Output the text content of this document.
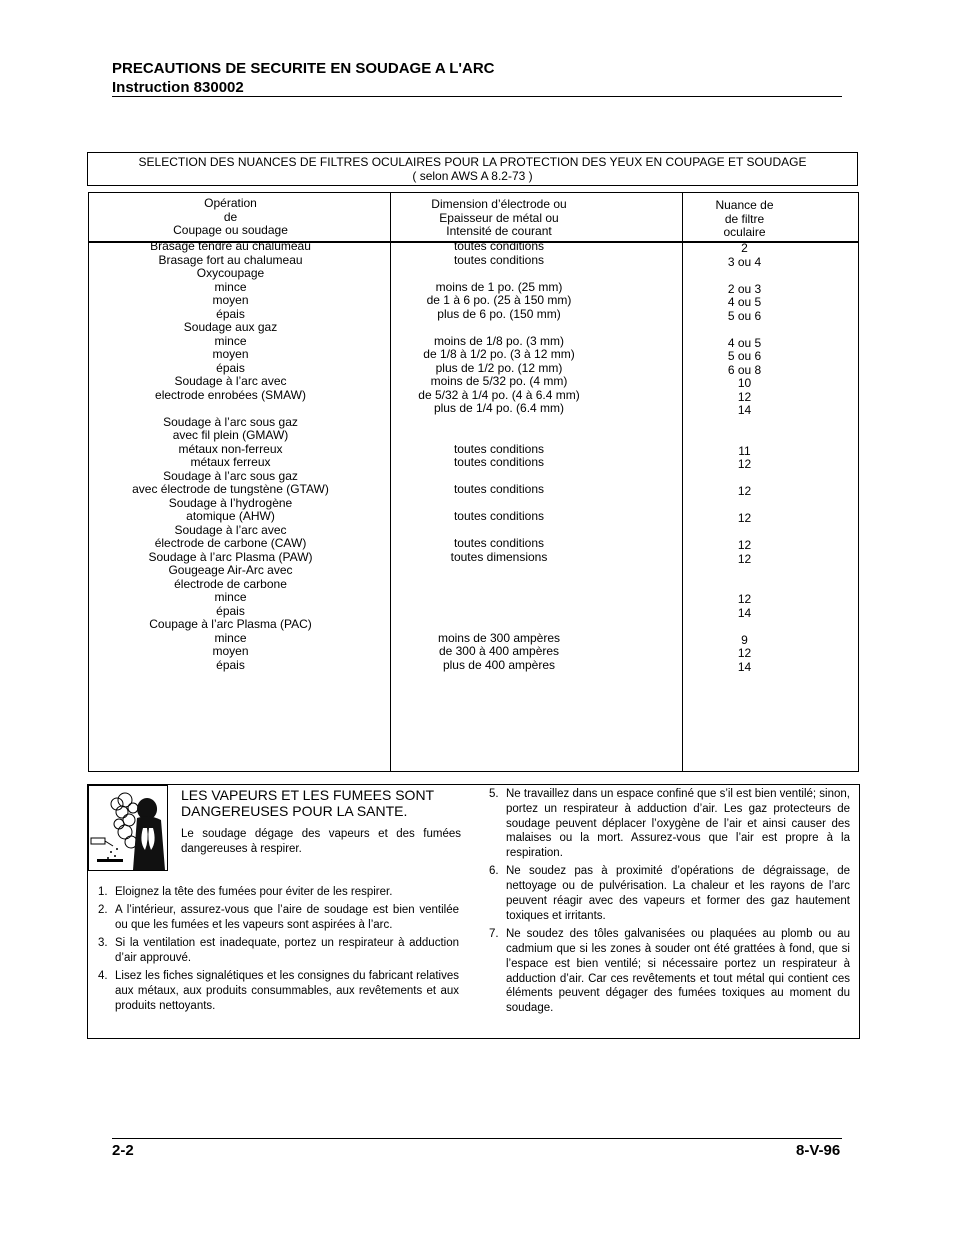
PRECAUTIONS DE SECURITE EN SOUDAGE A L'ARC
Instruction 830002
SELECTION DES NUANCES DE FILTRES OCULAIRES POUR LA PROTECTION DES YEUX EN COUPAGE ET SOUDAGE
( selon AWS A 8.2-73 )
Opération
de
Coupage ou soudage
Dimension d’électrode ou
Epaisseur de métal ou
Intensité de courant
Nuance de
de filtre
oculaire
Brasage tendre au chalumeau
Brasage fort au chalumeau
Oxycoupage
mince
moyen
épais
Soudage aux gaz
mince
moyen
épais
Soudage à l’arc avec
electrode enrobées (SMAW)
Soudage à l’arc sous gaz
avec fil plein (GMAW)
métaux non-ferreux
métaux ferreux
Soudage à l’arc sous gaz
avec électrode de tungstène (GTAW)
Soudage à l’hydrogène
atomique (AHW)
Soudage à l’arc avec
électrode de carbone (CAW)
Soudage à l’arc Plasma (PAW)
Gougeage Air-Arc avec
électrode de carbone
mince
épais
Coupage à l’arc Plasma (PAC)
mince
moyen
épais
toutes conditions
toutes conditions
moins de 1 po. (25 mm)
de 1 à 6 po. (25 à 150 mm)
plus de 6 po. (150 mm)
moins de 1/8 po. (3 mm)
de 1/8 à 1/2 po. (3 à 12 mm)
plus de 1/2 po. (12 mm)
moins de 5/32 po. (4 mm)
de 5/32 à 1/4 po. (4 à 6.4 mm)
plus de 1/4 po. (6.4 mm)
toutes conditions
toutes conditions
toutes conditions
toutes conditions
toutes conditions
toutes dimensions
moins de 300 ampères
de 300 à 400 ampères
plus de 400 ampères
2
3 ou 4
2 ou 3
4 ou 5
5 ou 6
4 ou 5
5 ou 6
6 ou 8
10
12
14
11
12
12
12
12
12
12
14
9
12
14
LES VAPEURS ET LES FUMEES SONT
DANGEREUSES POUR LA SANTE.
Le soudage dégage des vapeurs et des fumées dangereuses à respirer.
1. Eloignez la tête des fumées pour éviter de les respirer.
2. A l’intérieur, assurez-vous que l’aire de soudage est bien ventilée ou que les fumées et les vapeurs sont aspirées à l’arc.
3. Si la ventilation est inadequate, portez un respirateur à adduction d’air approuvé.
4. Lisez les fiches signalétiques et les consignes du fabricant relatives aux métaux, aux produits consummables, aux revêtements et aux produits nettoyants.
5. Ne travaillez dans un espace confiné que s’il est bien ventilé; sinon, portez un respirateur à adduction d’air. Les gaz protecteurs de soudage peuvent déplacer l’oxygène de l’air et ainsi causer des malaises ou la mort. Assurez-vous que l’air est propre à la respiration.
6. Ne soudez pas à proximité d’opérations de dégraissage, de nettoyage ou de pulvérisation. La chaleur et les rayons de l’arc peuvent réagir avec des vapeurs et former des gaz hautement toxiques et irritants.
7. Ne soudez des tôles galvanisées ou plaquées au plomb ou au cadmium que si les zones à souder ont été grattées à fond, que si l’espace est bien ventilé; si nécessaire portez un respirateur à adduction d’air. Car ces revêtements et tout métal qui contient ces éléments peuvent dégager des fumées toxiques au moment du soudage.
2-2	8-V-96
